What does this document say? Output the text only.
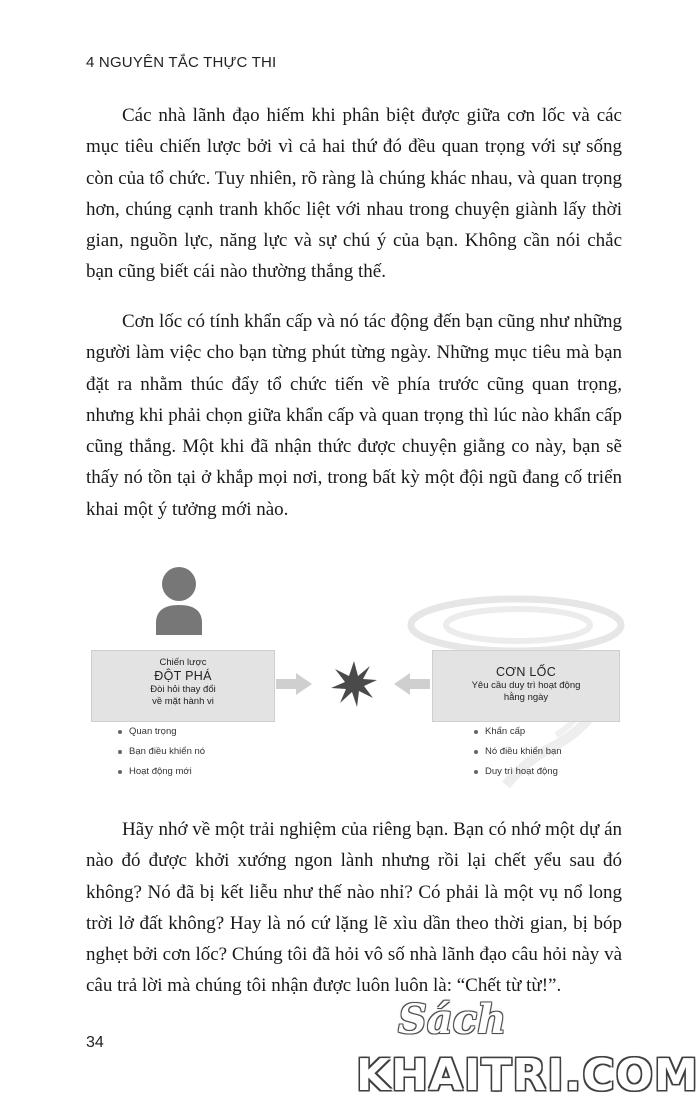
4 NGUYÊN TẮC THỰC THI

Các nhà lãnh đạo hiếm khi phân biệt được giữa cơn lốc và các mục tiêu chiến lược bởi vì cả hai thứ đó đều quan trọng với sự sống còn của tổ chức. Tuy nhiên, rõ ràng là chúng khác nhau, và quan trọng hơn, chúng cạnh tranh khốc liệt với nhau trong chuyện giành lấy thời gian, nguồn lực, năng lực và sự chú ý của bạn. Không cần nói chắc bạn cũng biết cái nào thường thắng thế.

Cơn lốc có tính khẩn cấp và nó tác động đến bạn cũng như những người làm việc cho bạn từng phút từng ngày. Những mục tiêu mà bạn đặt ra nhằm thúc đẩy tổ chức tiến về phía trước cũng quan trọng, nhưng khi phải chọn giữa khẩn cấp và quan trọng thì lúc nào khẩn cấp cũng thắng. Một khi đã nhận thức được chuyện giằng co này, bạn sẽ thấy nó tồn tại ở khắp mọi nơi, trong bất kỳ một đội ngũ đang cố triển khai một ý tưởng mới nào.

Chiến lược
ĐỘT PHÁ
Đòi hỏi thay đổi
về mặt hành vi
CƠN LỐC
Yêu cầu duy trì hoạt động
hằng ngày
Quan trọng
Bạn điều khiển nó
Hoạt động mới
Khẩn cấp
Nó điều khiển bạn
Duy trì hoạt động

Hãy nhớ về một trải nghiệm của riêng bạn. Bạn có nhớ một dự án nào đó được khởi xướng ngon lành nhưng rồi lại chết yểu sau đó không? Nó đã bị kết liễu như thế nào nhỉ? Có phải là một vụ nổ long trời lở đất không? Hay là nó cứ lặng lẽ xìu dần theo thời gian, bị bóp nghẹt bởi cơn lốc? Chúng tôi đã hỏi vô số nhà lãnh đạo câu hỏi này và câu trả lời mà chúng tôi nhận được luôn luôn là: “Chết từ từ!”.

34	Sách
KHAITRI.COM
